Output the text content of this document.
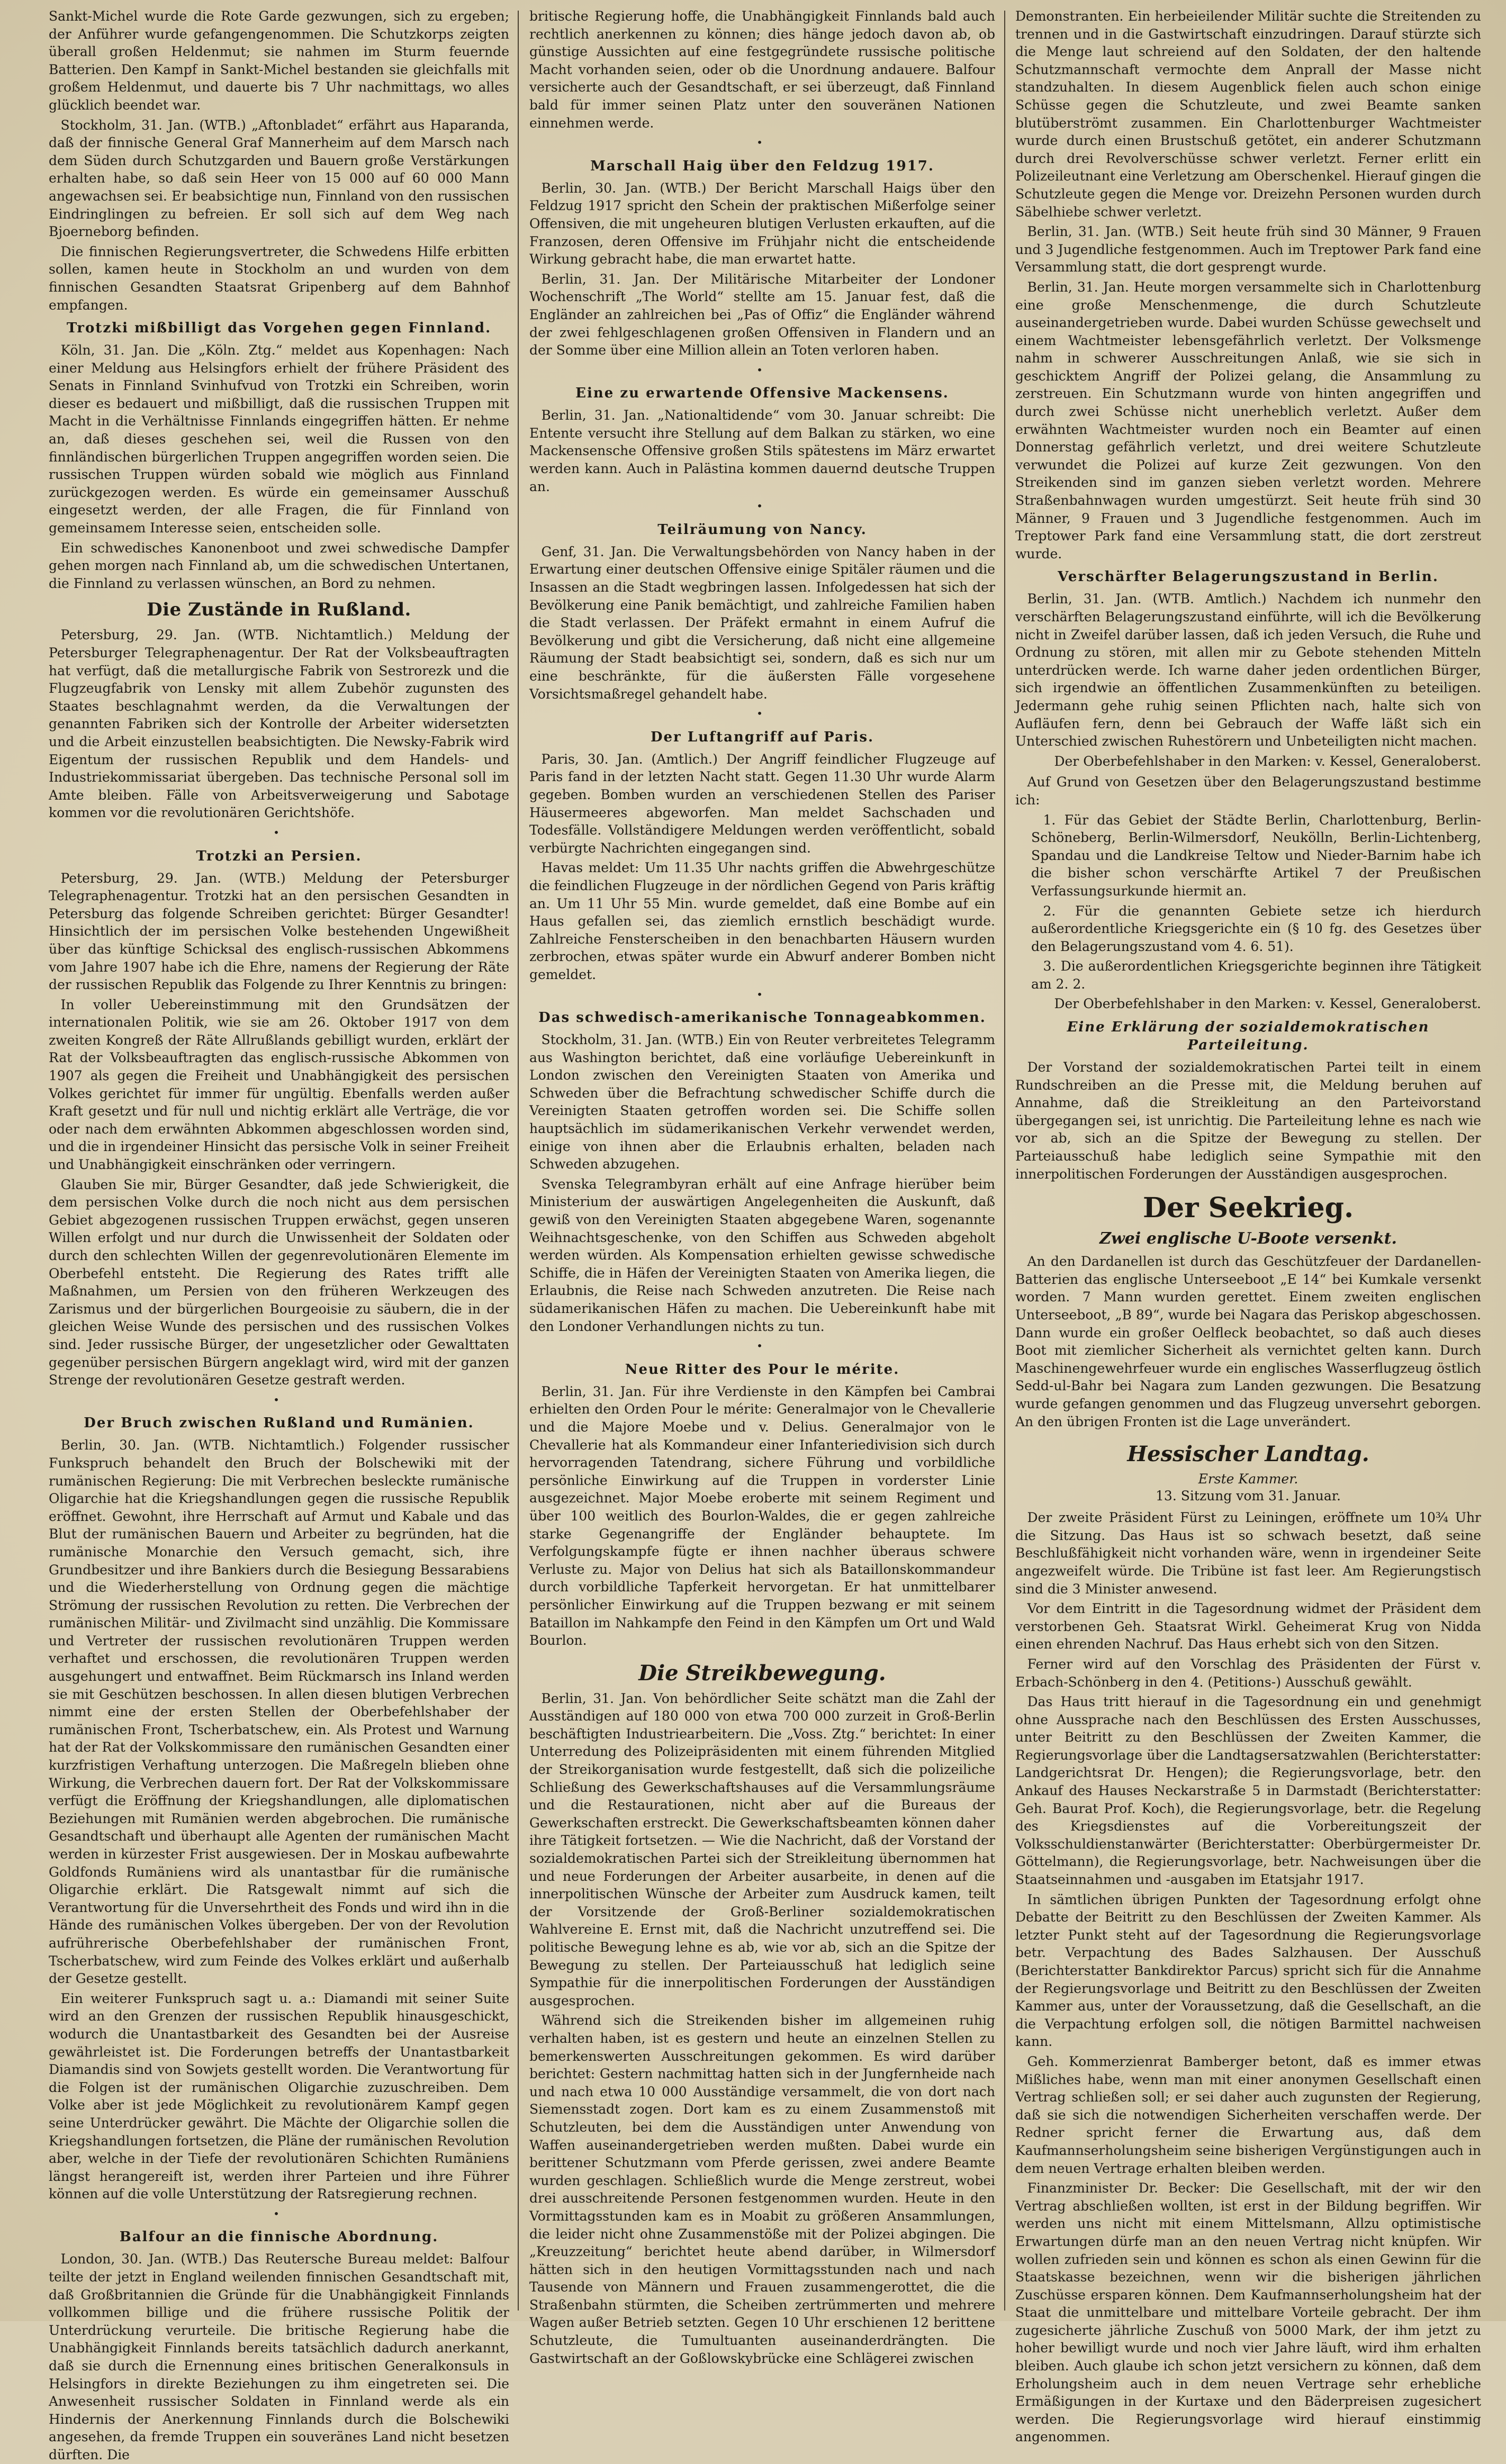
Sankt-Michel wurde die Rote Garde gezwungen, sich zu ergeben; der Anführer wurde gefangengenommen. Die Schutzkorps zeigten überall großen Heldenmut; sie nahmen im Sturm feuernde Batterien. Den Kampf in Sankt-Michel bestanden sie gleichfalls mit großem Heldenmut, und dauerte bis 7 Uhr nachmittags, wo alles glücklich beendet war.

Stockholm, 31. Jan. (WTB.) „Aftonbladet“ erfährt aus Haparanda, daß der finnische General Graf Mannerheim auf dem Marsch nach dem Süden durch Schutzgarden und Bauern große Verstärkungen erhalten habe, so daß sein Heer von 15 000 auf 60 000 Mann angewachsen sei. Er beabsichtige nun, Finnland von den russischen Eindringlingen zu befreien. Er soll sich auf dem Weg nach Bjoerneborg befinden.

Die finnischen Regierungsvertreter, die Schwedens Hilfe erbitten sollen, kamen heute in Stockholm an und wurden von dem finnischen Gesandten Staatsrat Gripenberg auf dem Bahnhof empfangen.

Trotzki mißbilligt das Vorgehen gegen Finnland.

Köln, 31. Jan. Die „Köln. Ztg.“ meldet aus Kopenhagen: Nach einer Meldung aus Helsingfors erhielt der frühere Präsident des Senats in Finnland Svinhufvud von Trotzki ein Schreiben, worin dieser es bedauert und mißbilligt, daß die russischen Truppen mit Macht in die Verhältnisse Finnlands eingegriffen hätten. Er nehme an, daß dieses geschehen sei, weil die Russen von den finnländischen bürgerlichen Truppen angegriffen worden seien. Die russischen Truppen würden sobald wie möglich aus Finnland zurückgezogen werden. Es würde ein gemeinsamer Ausschuß eingesetzt werden, der alle Fragen, die für Finnland von gemeinsamem Interesse seien, entscheiden solle.

Ein schwedisches Kanonenboot und zwei schwedische Dampfer gehen morgen nach Finnland ab, um die schwedischen Untertanen, die Finnland zu verlassen wünschen, an Bord zu nehmen.

Die Zustände in Rußland.

Petersburg, 29. Jan. (WTB. Nichtamtlich.) Meldung der Petersburger Telegraphenagentur. Der Rat der Volksbeauftragten hat verfügt, daß die metallurgische Fabrik von Sestrorezk und die Flugzeugfabrik von Lensky mit allem Zubehör zugunsten des Staates beschlagnahmt werden, da die Verwaltungen der genannten Fabriken sich der Kontrolle der Arbeiter widersetzten und die Arbeit einzustellen beabsichtigten. Die Newsky-Fabrik wird Eigentum der russischen Republik und dem Handels- und Industriekommissariat übergeben. Das technische Personal soll im Amte bleiben. Fälle von Arbeitsverweigerung und Sabotage kommen vor die revolutionären Gerichtshöfe.

•
Trotzki an Persien.

Petersburg, 29. Jan. (WTB.) Meldung der Petersburger Telegraphenagentur. Trotzki hat an den persischen Gesandten in Petersburg das folgende Schreiben gerichtet: Bürger Gesandter! Hinsichtlich der im persischen Volke bestehenden Ungewißheit über das künftige Schicksal des englisch-russischen Abkommens vom Jahre 1907 habe ich die Ehre, namens der Regierung der Räte der russischen Republik das Folgende zu Ihrer Kenntnis zu bringen:

In voller Uebereinstimmung mit den Grundsätzen der internationalen Politik, wie sie am 26. Oktober 1917 von dem zweiten Kongreß der Räte Allrußlands gebilligt wurden, erklärt der Rat der Volksbeauftragten das englisch-russische Abkommen von 1907 als gegen die Freiheit und Unabhängigkeit des persischen Volkes gerichtet für immer für ungültig. Ebenfalls werden außer Kraft gesetzt und für null und nichtig erklärt alle Verträge, die vor oder nach dem erwähnten Abkommen abgeschlossen worden sind, und die in irgendeiner Hinsicht das persische Volk in seiner Freiheit und Unabhängigkeit einschränken oder verringern.

Glauben Sie mir, Bürger Gesandter, daß jede Schwierigkeit, die dem persischen Volke durch die noch nicht aus dem persischen Gebiet abgezogenen russischen Truppen erwächst, gegen unseren Willen erfolgt und nur durch die Unwissenheit der Soldaten oder durch den schlechten Willen der gegenrevolutionären Elemente im Oberbefehl entsteht. Die Regierung des Rates trifft alle Maßnahmen, um Persien von den früheren Werkzeugen des Zarismus und der bürgerlichen Bourgeoisie zu säubern, die in der gleichen Weise Wunde des persischen und des russischen Volkes sind. Jeder russische Bürger, der ungesetzlicher oder Gewalttaten gegenüber persischen Bürgern angeklagt wird, wird mit der ganzen Strenge der revolutionären Gesetze gestraft werden.

•
Der Bruch zwischen Rußland und Rumänien.

Berlin, 30. Jan. (WTB. Nichtamtlich.) Folgender russischer Funkspruch behandelt den Bruch der Bolschewiki mit der rumänischen Regierung: Die mit Verbrechen besleckte rumänische Oligarchie hat die Kriegshandlungen gegen die russische Republik eröffnet. Gewohnt, ihre Herrschaft auf Armut und Kabale und das Blut der rumänischen Bauern und Arbeiter zu begründen, hat die rumänische Monarchie den Versuch gemacht, sich, ihre Grundbesitzer und ihre Bankiers durch die Besiegung Bessarabiens und die Wiederherstellung von Ordnung gegen die mächtige Strömung der russischen Revolution zu retten. Die Verbrechen der rumänischen Militär- und Zivilmacht sind unzählig. Die Kommissare und Vertreter der russischen revolutionären Truppen werden verhaftet und erschossen, die revolutionären Truppen werden ausgehungert und entwaffnet. Beim Rückmarsch ins Inland werden sie mit Geschützen beschossen. In allen diesen blutigen Verbrechen nimmt eine der ersten Stellen der Oberbefehlshaber der rumänischen Front, Tscherbatschew, ein. Als Protest und Warnung hat der Rat der Volkskommissare den rumänischen Gesandten einer kurzfristigen Verhaftung unterzogen. Die Maßregeln blieben ohne Wirkung, die Verbrechen dauern fort. Der Rat der Volkskommissare verfügt die Eröffnung der Kriegshandlungen, alle diplomatischen Beziehungen mit Rumänien werden abgebrochen. Die rumänische Gesandtschaft und überhaupt alle Agenten der rumänischen Macht werden in kürzester Frist ausgewiesen. Der in Moskau aufbewahrte Goldfonds Rumäniens wird als unantastbar für die rumänische Oligarchie erklärt. Die Ratsgewalt nimmt auf sich die Verantwortung für die Unversehrtheit des Fonds und wird ihn in die Hände des rumänischen Volkes übergeben. Der von der Revolution aufrührerische Oberbefehlshaber der rumänischen Front, Tscherbatschew, wird zum Feinde des Volkes erklärt und außerhalb der Gesetze gestellt.

Ein weiterer Funkspruch sagt u. a.: Diamandi mit seiner Suite wird an den Grenzen der russischen Republik hinausgeschickt, wodurch die Unantastbarkeit des Gesandten bei der Ausreise gewährleistet ist. Die Forderungen betreffs der Unantastbarkeit Diamandis sind von Sowjets gestellt worden. Die Verantwortung für die Folgen ist der rumänischen Oligarchie zuzuschreiben. Dem Volke aber ist jede Möglichkeit zu revolutionärem Kampf gegen seine Unterdrücker gewährt. Die Mächte der Oligarchie sollen die Kriegshandlungen fortsetzen, die Pläne der rumänischen Revolution aber, welche in der Tiefe der revolutionären Schichten Rumäniens längst herangereift ist, werden ihrer Parteien und ihre Führer können auf die volle Unterstützung der Ratsregierung rechnen.

•
Balfour an die finnische Abordnung.

London, 30. Jan. (WTB.) Das Reutersche Bureau meldet: Balfour teilte der jetzt in England weilenden finnischen Gesandtschaft mit, daß Großbritannien die Gründe für die Unabhängigkeit Finnlands vollkommen billige und die frühere russische Politik der Unterdrückung verurteile. Die britische Regierung habe die Unabhängigkeit Finnlands bereits tatsächlich dadurch anerkannt, daß sie durch die Ernennung eines britischen Generalkonsuls in Helsingfors in direkte Beziehungen zu ihm eingetreten sei. Die Anwesenheit russischer Soldaten in Finnland werde als ein Hindernis der Anerkennung Finnlands durch die Bolschewiki angesehen, da fremde Truppen ein souveränes Land nicht besetzen dürften. Die

britische Regierung hoffe, die Unabhängigkeit Finnlands bald auch rechtlich anerkennen zu können; dies hänge jedoch davon ab, ob günstige Aussichten auf eine festgegründete russische politische Macht vorhanden seien, oder ob die Unordnung andauere. Balfour versicherte auch der Gesandtschaft, er sei überzeugt, daß Finnland bald für immer seinen Platz unter den souveränen Nationen einnehmen werde.

•
Marschall Haig über den Feldzug 1917.

Berlin, 30. Jan. (WTB.) Der Bericht Marschall Haigs über den Feldzug 1917 spricht den Schein der praktischen Mißerfolge seiner Offensiven, die mit ungeheuren blutigen Verlusten erkauften, auf die Franzosen, deren Offensive im Frühjahr nicht die entscheidende Wirkung gebracht habe, die man erwartet hatte.

Berlin, 31. Jan. Der Militärische Mitarbeiter der Londoner Wochenschrift „The World“ stellte am 15. Januar fest, daß die Engländer an zahlreichen bei „Pas of Offiz“ die Engländer während der zwei fehlgeschlagenen großen Offensiven in Flandern und an der Somme über eine Million allein an Toten verloren haben.

•
Eine zu erwartende Offensive Mackensens.

Berlin, 31. Jan. „Nationaltidende“ vom 30. Januar schreibt: Die Entente versucht ihre Stellung auf dem Balkan zu stärken, wo eine Mackensensche Offensive großen Stils spätestens im März erwartet werden kann. Auch in Palästina kommen dauernd deutsche Truppen an.

•
Teilräumung von Nancy.

Genf, 31. Jan. Die Verwaltungsbehörden von Nancy haben in der Erwartung einer deutschen Offensive einige Spitäler räumen und die Insassen an die Stadt wegbringen lassen. Infolgedessen hat sich der Bevölkerung eine Panik bemächtigt, und zahlreiche Familien haben die Stadt verlassen. Der Präfekt ermahnt in einem Aufruf die Bevölkerung und gibt die Versicherung, daß nicht eine allgemeine Räumung der Stadt beabsichtigt sei, sondern, daß es sich nur um eine beschränkte, für die äußersten Fälle vorgesehene Vorsichtsmaßregel gehandelt habe.

•
Der Luftangriff auf Paris.

Paris, 30. Jan. (Amtlich.) Der Angriff feindlicher Flugzeuge auf Paris fand in der letzten Nacht statt. Gegen 11.30 Uhr wurde Alarm gegeben. Bomben wurden an verschiedenen Stellen des Pariser Häusermeeres abgeworfen. Man meldet Sachschaden und Todesfälle. Vollständigere Meldungen werden veröffentlicht, sobald verbürgte Nachrichten eingegangen sind.

Havas meldet: Um 11.35 Uhr nachts griffen die Abwehrgeschütze die feindlichen Flugzeuge in der nördlichen Gegend von Paris kräftig an. Um 11 Uhr 55 Min. wurde gemeldet, daß eine Bombe auf ein Haus gefallen sei, das ziemlich ernstlich beschädigt wurde. Zahlreiche Fensterscheiben in den benachbarten Häusern wurden zerbrochen, etwas später wurde ein Abwurf anderer Bomben nicht gemeldet.

•
Das schwedisch-amerikanische Tonnageabkommen.

Stockholm, 31. Jan. (WTB.) Ein von Reuter verbreitetes Telegramm aus Washington berichtet, daß eine vorläufige Uebereinkunft in London zwischen den Vereinigten Staaten von Amerika und Schweden über die Befrachtung schwedischer Schiffe durch die Vereinigten Staaten getroffen worden sei. Die Schiffe sollen hauptsächlich im südamerikanischen Verkehr verwendet werden, einige von ihnen aber die Erlaubnis erhalten, beladen nach Schweden abzugehen.

Svenska Telegrambyran erhält auf eine Anfrage hierüber beim Ministerium der auswärtigen Angelegenheiten die Auskunft, daß gewiß von den Vereinigten Staaten abgegebene Waren, sogenannte Weihnachtsgeschenke, von den Schiffen aus Schweden abgeholt werden würden. Als Kompensation erhielten gewisse schwedische Schiffe, die in Häfen der Vereinigten Staaten von Amerika liegen, die Erlaubnis, die Reise nach Schweden anzutreten. Die Reise nach südamerikanischen Häfen zu machen. Die Uebereinkunft habe mit den Londoner Verhandlungen nichts zu tun.

•
Neue Ritter des Pour le mérite.

Berlin, 31. Jan. Für ihre Verdienste in den Kämpfen bei Cambrai erhielten den Orden Pour le mérite: Generalmajor von le Chevallerie und die Majore Moebe und v. Delius. Generalmajor von le Chevallerie hat als Kommandeur einer Infanteriedivision sich durch hervorragenden Tatendrang, sichere Führung und vorbildliche persönliche Einwirkung auf die Truppen in vorderster Linie ausgezeichnet. Major Moebe eroberte mit seinem Regiment und über 100 weitlich des Bourlon-Waldes, die er gegen zahlreiche starke Gegenangriffe der Engländer behauptete. Im Verfolgungskampfe fügte er ihnen nachher überaus schwere Verluste zu. Major von Delius hat sich als Bataillonskommandeur durch vorbildliche Tapferkeit hervorgetan. Er hat unmittelbarer persönlicher Einwirkung auf die Truppen bezwang er mit seinem Bataillon im Nahkampfe den Feind in den Kämpfen um Ort und Wald Bourlon.

Die Streikbewegung.

Berlin, 31. Jan. Von behördlicher Seite schätzt man die Zahl der Ausständigen auf 180 000 von etwa 700 000 zurzeit in Groß-Berlin beschäftigten Industriearbeitern. Die „Voss. Ztg.“ berichtet: In einer Unterredung des Polizeipräsidenten mit einem führenden Mitglied der Streikorganisation wurde festgestellt, daß sich die polizeiliche Schließung des Gewerkschaftshauses auf die Versammlungsräume und die Restaurationen, nicht aber auf die Bureaus der Gewerkschaften erstreckt. Die Gewerkschaftsbeamten können daher ihre Tätigkeit fortsetzen. — Wie die Nachricht, daß der Vorstand der sozialdemokratischen Partei sich der Streikleitung übernommen hat und neue Forderungen der Arbeiter ausarbeite, in denen auf die innerpolitischen Wünsche der Arbeiter zum Ausdruck kamen, teilt der Vorsitzende der Groß-Berliner sozialdemokratischen Wahlvereine E. Ernst mit, daß die Nachricht unzutreffend sei. Die politische Bewegung lehne es ab, wie vor ab, sich an die Spitze der Bewegung zu stellen. Der Parteiausschuß hat lediglich seine Sympathie für die innerpolitischen Forderungen der Ausständigen ausgesprochen.

Während sich die Streikenden bisher im allgemeinen ruhig verhalten haben, ist es gestern und heute an einzelnen Stellen zu bemerkenswerten Ausschreitungen gekommen. Es wird darüber berichtet: Gestern nachmittag hatten sich in der Jungfernheide nach und nach etwa 10 000 Ausständige versammelt, die von dort nach Siemensstadt zogen. Dort kam es zu einem Zusammenstoß mit Schutzleuten, bei dem die Ausständigen unter Anwendung von Waffen auseinandergetrieben werden mußten. Dabei wurde ein berittener Schutzmann vom Pferde gerissen, zwei andere Beamte wurden geschlagen. Schließlich wurde die Menge zerstreut, wobei drei ausschreitende Personen festgenommen wurden. Heute in den Vormittagsstunden kam es in Moabit zu größeren Ansammlungen, die leider nicht ohne Zusammenstöße mit der Polizei abgingen. Die „Kreuzzeitung“ berichtet heute abend darüber, in Wilmersdorf hätten sich in den heutigen Vormittagsstunden nach und nach Tausende von Männern und Frauen zusammengerottet, die die Straßenbahn stürmten, die Scheiben zertrümmerten und mehrere Wagen außer Betrieb setzten. Gegen 10 Uhr erschienen 12 berittene Schutzleute, die Tumultuanten auseinanderdrängten. Die Gastwirtschaft an der Goßlowskybrücke eine Schlägerei zwischen

Demonstranten. Ein herbeieilender Militär suchte die Streitenden zu trennen und in die Gastwirtschaft einzudringen. Darauf stürzte sich die Menge laut schreiend auf den Soldaten, der den haltende Schutzmannschaft vermochte dem Anprall der Masse nicht standzuhalten. In diesem Augenblick fielen auch schon einige Schüsse gegen die Schutzleute, und zwei Beamte sanken blutüberströmt zusammen. Ein Charlottenburger Wachtmeister wurde durch einen Brustschuß getötet, ein anderer Schutzmann durch drei Revolverschüsse schwer verletzt. Ferner erlitt ein Polizeileutnant eine Verletzung am Oberschenkel. Hierauf gingen die Schutzleute gegen die Menge vor. Dreizehn Personen wurden durch Säbelhiebe schwer verletzt.

Berlin, 31. Jan. (WTB.) Seit heute früh sind 30 Männer, 9 Frauen und 3 Jugendliche festgenommen. Auch im Treptower Park fand eine Versammlung statt, die dort gesprengt wurde.

Berlin, 31. Jan. Heute morgen versammelte sich in Charlottenburg eine große Menschenmenge, die durch Schutzleute auseinandergetrieben wurde. Dabei wurden Schüsse gewechselt und einem Wachtmeister lebensgefährlich verletzt. Der Volksmenge nahm in schwerer Ausschreitungen Anlaß, wie sie sich in geschicktem Angriff der Polizei gelang, die Ansammlung zu zerstreuen. Ein Schutzmann wurde von hinten angegriffen und durch zwei Schüsse nicht unerheblich verletzt. Außer dem erwähnten Wachtmeister wurden noch ein Beamter auf einen Donnerstag gefährlich verletzt, und drei weitere Schutzleute verwundet die Polizei auf kurze Zeit gezwungen. Von den Streikenden sind im ganzen sieben verletzt worden. Mehrere Straßenbahnwagen wurden umgestürzt. Seit heute früh sind 30 Männer, 9 Frauen und 3 Jugendliche festgenommen. Auch im Treptower Park fand eine Versammlung statt, die dort zerstreut wurde.

Verschärfter Belagerungszustand in Berlin.

Berlin, 31. Jan. (WTB. Amtlich.) Nachdem ich nunmehr den verschärften Belagerungszustand einführte, will ich die Bevölkerung nicht in Zweifel darüber lassen, daß ich jeden Versuch, die Ruhe und Ordnung zu stören, mit allen mir zu Gebote stehenden Mitteln unterdrücken werde. Ich warne daher jeden ordentlichen Bürger, sich irgendwie an öffentlichen Zusammenkünften zu beteiligen. Jedermann gehe ruhig seinen Pflichten nach, halte sich von Aufläufen fern, denn bei Gebrauch der Waffe läßt sich ein Unterschied zwischen Ruhestörern und Unbeteiligten nicht machen.

Der Oberbefehlshaber in den Marken: v. Kessel, Generaloberst.

Auf Grund von Gesetzen über den Belagerungszustand bestimme ich:

1. Für das Gebiet der Städte Berlin, Charlottenburg, Berlin-Schöneberg, Berlin-Wilmersdorf, Neukölln, Berlin-Lichtenberg, Spandau und die Landkreise Teltow und Nieder-Barnim habe ich die bisher schon verschärfte Artikel 7 der Preußischen Verfassungsurkunde hiermit an.

2. Für die genannten Gebiete setze ich hierdurch außerordentliche Kriegsgerichte ein (§ 10 fg. des Gesetzes über den Belagerungszustand vom 4. 6. 51).

3. Die außerordentlichen Kriegsgerichte beginnen ihre Tätigkeit am 2. 2.

Der Oberbefehlshaber in den Marken: v. Kessel, Generaloberst.
Eine Erklärung der sozialdemokratischen Parteileitung.

Der Vorstand der sozialdemokratischen Partei teilt in einem Rundschreiben an die Presse mit, die Meldung beruhen auf Annahme, daß die Streikleitung an den Parteivorstand übergegangen sei, ist unrichtig. Die Parteileitung lehne es nach wie vor ab, sich an die Spitze der Bewegung zu stellen. Der Parteiausschuß habe lediglich seine Sympathie mit den innerpolitischen Forderungen der Ausständigen ausgesprochen.

Der Seekrieg.
Zwei englische U-Boote versenkt.

An den Dardanellen ist durch das Geschützfeuer der Dardanellen-Batterien das englische Unterseeboot „E 14“ bei Kumkale versenkt worden. 7 Mann wurden gerettet. Einem zweiten englischen Unterseeboot, „B 89“, wurde bei Nagara das Periskop abgeschossen. Dann wurde ein großer Oelfleck beobachtet, so daß auch dieses Boot mit ziemlicher Sicherheit als vernichtet gelten kann. Durch Maschinengewehrfeuer wurde ein englisches Wasserflugzeug östlich Sedd-ul-Bahr bei Nagara zum Landen gezwungen. Die Besatzung wurde gefangen genommen und das Flugzeug unversehrt geborgen. An den übrigen Fronten ist die Lage unverändert.

Hessischer Landtag.
Erste Kammer.
13. Sitzung vom 31. Januar.

Der zweite Präsident Fürst zu Leiningen, eröffnete um 10¾ Uhr die Sitzung. Das Haus ist so schwach besetzt, daß seine Beschlußfähigkeit nicht vorhanden wäre, wenn in irgendeiner Seite angezweifelt würde. Die Tribüne ist fast leer. Am Regierungstisch sind die 3 Minister anwesend.

Vor dem Eintritt in die Tagesordnung widmet der Präsident dem verstorbenen Geh. Staatsrat Wirkl. Geheimerat Krug von Nidda einen ehrenden Nachruf. Das Haus erhebt sich von den Sitzen.

Ferner wird auf den Vorschlag des Präsidenten der Fürst v. Erbach-Schönberg in den 4. (Petitions-) Ausschuß gewählt.

Das Haus tritt hierauf in die Tagesordnung ein und genehmigt ohne Aussprache nach den Beschlüssen des Ersten Ausschusses, unter Beitritt zu den Beschlüssen der Zweiten Kammer, die Regierungsvorlage über die Landtagsersatzwahlen (Berichterstatter: Landgerichtsrat Dr. Hengen); die Regierungsvorlage, betr. den Ankauf des Hauses Neckarstraße 5 in Darmstadt (Berichterstatter: Geh. Baurat Prof. Koch), die Regierungsvorlage, betr. die Regelung des Kriegsdienstes auf die Vorbereitungszeit der Volksschuldienstanwärter (Berichterstatter: Oberbürgermeister Dr. Göttelmann), die Regierungsvorlage, betr. Nachweisungen über die Staatseinnahmen und -ausgaben im Etatsjahr 1917.

In sämtlichen übrigen Punkten der Tagesordnung erfolgt ohne Debatte der Beitritt zu den Beschlüssen der Zweiten Kammer. Als letzter Punkt steht auf der Tagesordnung die Regierungsvorlage betr. Verpachtung des Bades Salzhausen. Der Ausschuß (Berichterstatter Bankdirektor Parcus) spricht sich für die Annahme der Regierungsvorlage und Beitritt zu den Beschlüssen der Zweiten Kammer aus, unter der Voraussetzung, daß die Gesellschaft, an die die Verpachtung erfolgen soll, die nötigen Barmittel nachweisen kann.

Geh. Kommerzienrat Bamberger betont, daß es immer etwas Mißliches habe, wenn man mit einer anonymen Gesellschaft einen Vertrag schließen soll; er sei daher auch zugunsten der Regierung, daß sie sich die notwendigen Sicherheiten verschaffen werde. Der Redner spricht ferner die Erwartung aus, daß dem Kaufmannserholungsheim seine bisherigen Vergünstigungen auch in dem neuen Vertrage erhalten bleiben werden.

Finanzminister Dr. Becker: Die Gesellschaft, mit der wir den Vertrag abschließen wollten, ist erst in der Bildung begriffen. Wir werden uns nicht mit einem Mittelsmann, Allzu optimistische Erwartungen dürfe man an den neuen Vertrag nicht knüpfen. Wir wollen zufrieden sein und können es schon als einen Gewinn für die Staatskasse bezeichnen, wenn wir die bisherigen jährlichen Zuschüsse ersparen können. Dem Kaufmannserholungsheim hat der Staat die unmittelbare und mittelbare Vorteile gebracht. Der ihm zugesicherte jährliche Zuschuß von 5000 Mark, der ihm jetzt zu hoher bewilligt wurde und noch vier Jahre läuft, wird ihm erhalten bleiben. Auch glaube ich schon jetzt versichern zu können, daß dem Erholungsheim auch in dem neuen Vertrage sehr erhebliche Ermäßigungen in der Kurtaxe und den Bäderpreisen zugesichert werden. Die Regierungsvorlage wird hierauf einstimmig angenommen.
